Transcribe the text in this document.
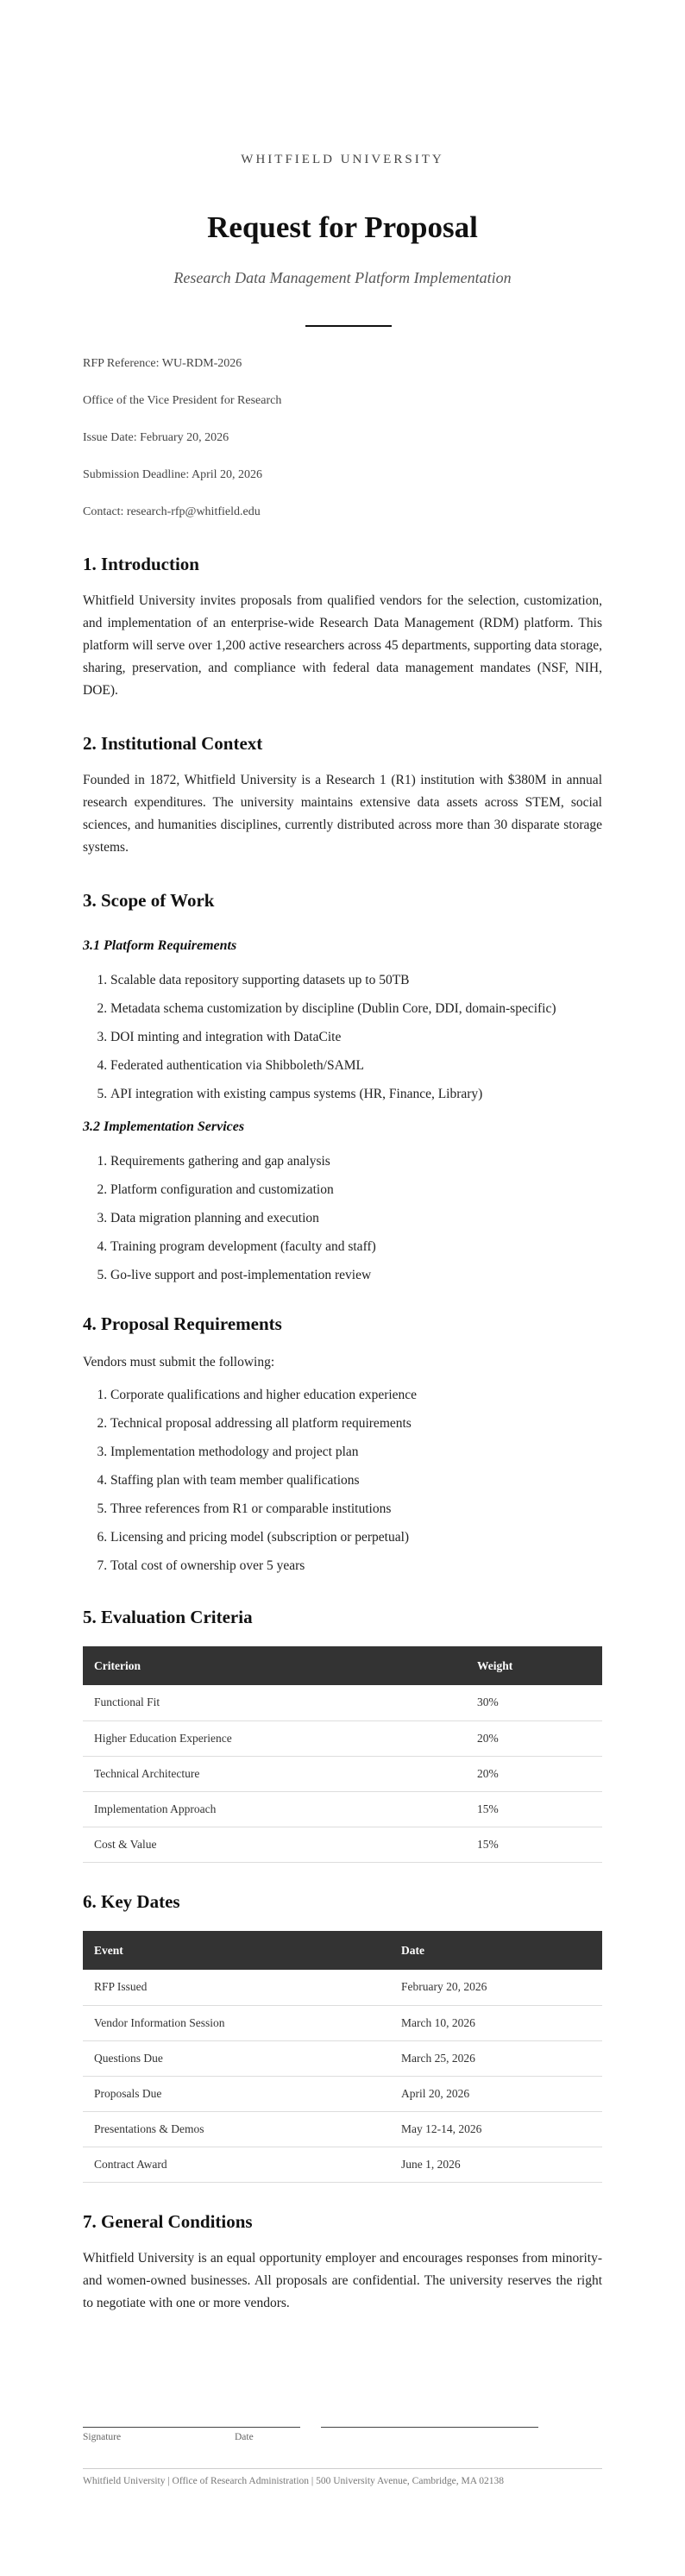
WHITFIELD UNIVERSITY
Request for Proposal
Research Data Management Platform Implementation
RFP Reference: WU-RDM-2026
Office of the Vice President for Research
Issue Date: February 20, 2026
Submission Deadline: April 20, 2026
Contact: research-rfp@whitfield.edu
1. Introduction

Whitfield University invites proposals from qualified vendors for the selection, customization, and implementation of an enterprise-wide Research Data Management (RDM) platform. This platform will serve over 1,200 active researchers across 45 departments, supporting data storage, sharing, preservation, and compliance with federal data management mandates (NSF, NIH, DOE).

2. Institutional Context

Founded in 1872, Whitfield University is a Research 1 (R1) institution with $380M in annual research expenditures. The university maintains extensive data assets across STEM, social sciences, and humanities disciplines, currently distributed across more than 30 disparate storage systems.

3. Scope of Work
3.1 Platform Requirements
1. Scalable data repository supporting datasets up to 50TB
2. Metadata schema customization by discipline (Dublin Core, DDI, domain-specific)
3. DOI minting and integration with DataCite
4. Federated authentication via Shibboleth/SAML
5. API integration with existing campus systems (HR, Finance, Library)
3.2 Implementation Services
1. Requirements gathering and gap analysis
2. Platform configuration and customization
3. Data migration planning and execution
4. Training program development (faculty and staff)
5. Go-live support and post-implementation review
4. Proposal Requirements

Vendors must submit the following:

1. Corporate qualifications and higher education experience
2. Technical proposal addressing all platform requirements
3. Implementation methodology and project plan
4. Staffing plan with team member qualifications
5. Three references from R1 or comparable institutions
6. Licensing and pricing model (subscription or perpetual)
7. Total cost of ownership over 5 years
5. Evaluation Criteria
Criterion	Weight
Functional Fit	30%
Higher Education Experience	20%
Technical Architecture	20%
Implementation Approach	15%
Cost & Value	15%
6. Key Dates
Event	Date
RFP Issued	February 20, 2026
Vendor Information Session	March 10, 2026
Questions Due	March 25, 2026
Proposals Due	April 20, 2026
Presentations & Demos	May 12-14, 2026
Contract Award	June 1, 2026
7. General Conditions

Whitfield University is an equal opportunity employer and encourages responses from minority- and women-owned businesses. All proposals are confidential. The university reserves the right to negotiate with one or more vendors.

Signature	Date
Whitfield University | Office of Research Administration | 500 University Avenue, Cambridge, MA 02138
